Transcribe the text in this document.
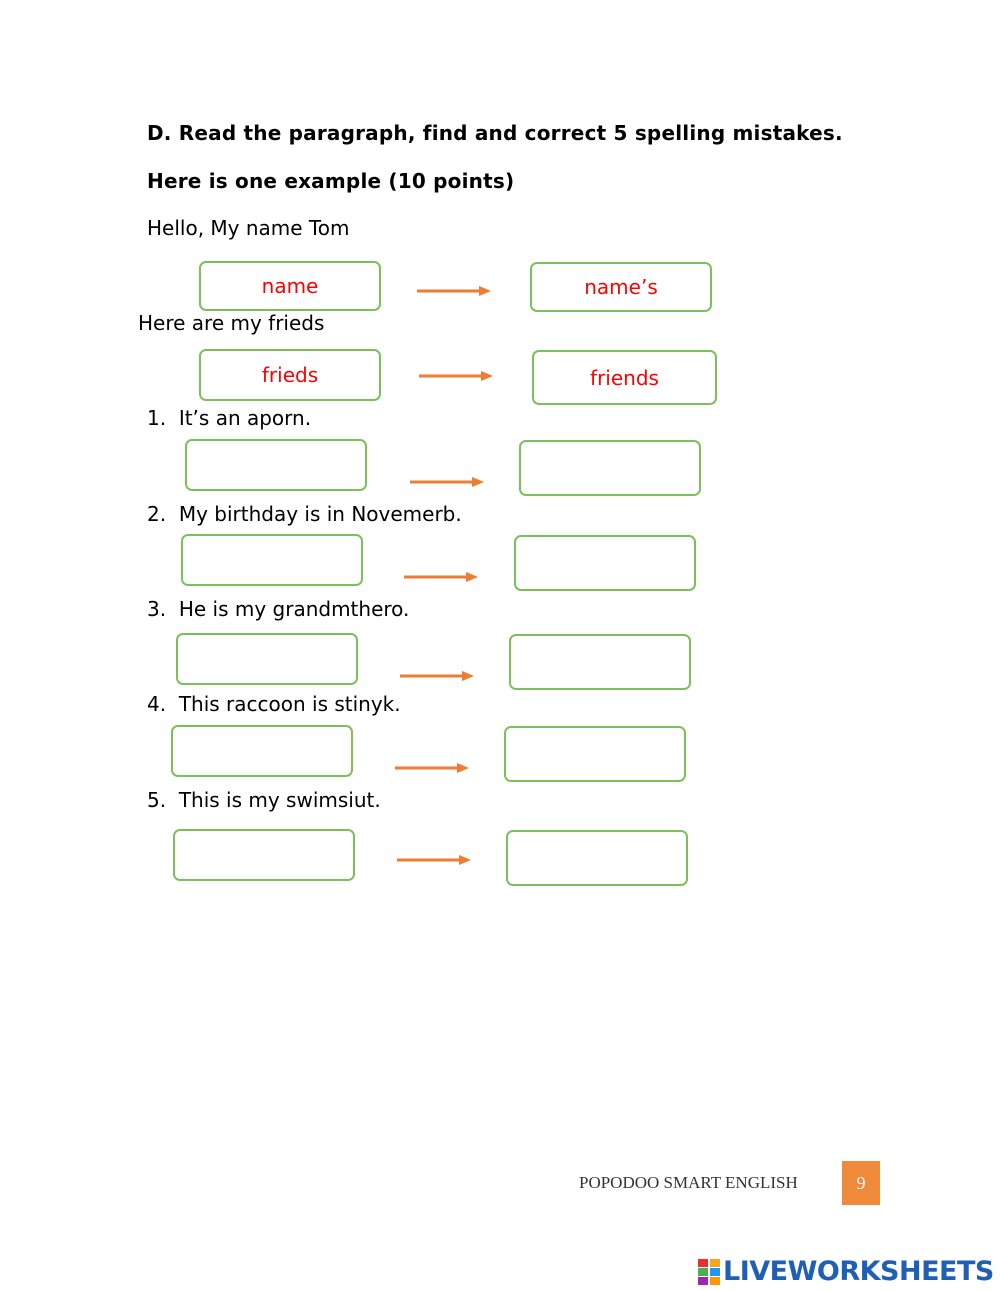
D. Read the paragraph, find and correct 5 spelling mistakes.
Here is one example (10 points)
Hello, My name Tom
name	name’s
Here are my frieds
frieds	friends
1. It’s an aporn.
2. My birthday is in Novemerb.
3. He is my grandmthero.
4. This raccoon is stinyk.
5. This is my swimsiut.
POPODOO SMART ENGLISH	9
LIVEWORKSHEETS
